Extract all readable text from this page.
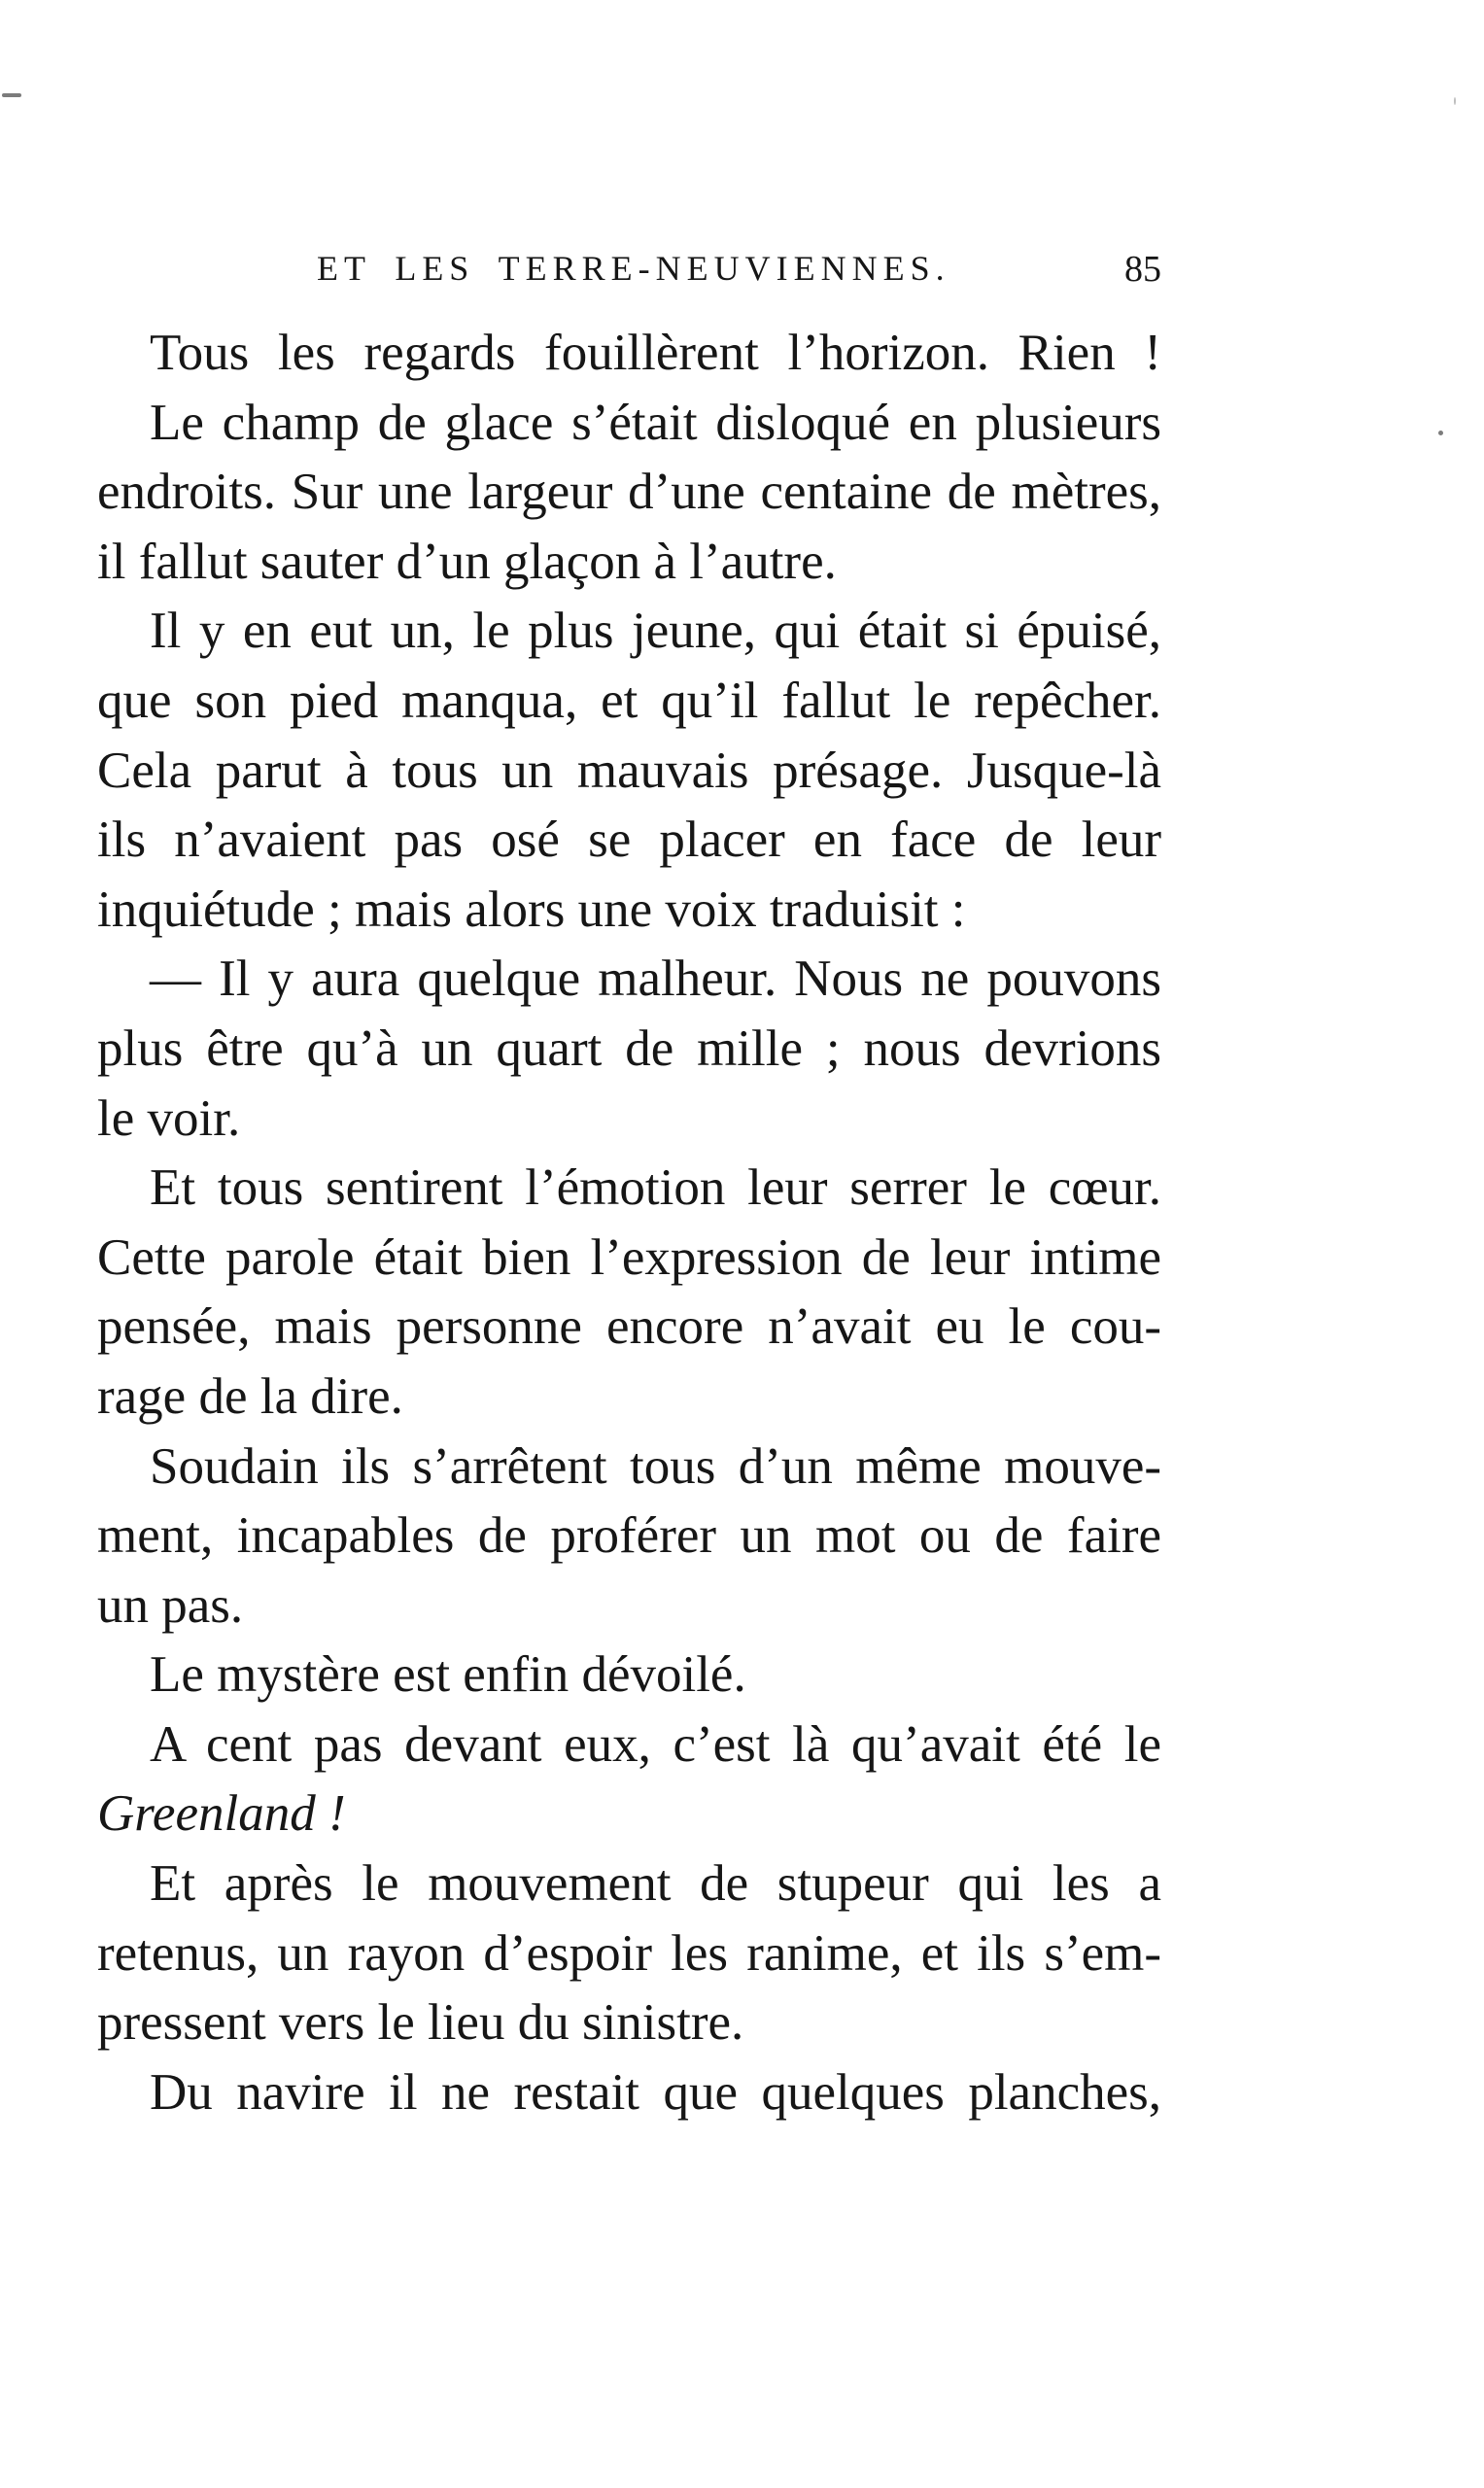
ET LES TERRE-NEUVIENNES.	85
Tous les regards fouillèrent l’horizon. Rien !
Le champ de glace s’était disloqué en plusieurs
endroits. Sur une largeur d’une centaine de mètres,
il fallut sauter d’un glaçon à l’autre.
Il y en eut un, le plus jeune, qui était si épuisé,
que son pied manqua, et qu’il fallut le repêcher.
Cela parut à tous un mauvais présage. Jusque-là
ils n’avaient pas osé se placer en face de leur
inquiétude ; mais alors une voix traduisit :
— Il y aura quelque malheur. Nous ne pouvons
plus être qu’à un quart de mille ; nous devrions
le voir.
Et tous sentirent l’émotion leur serrer le cœur.
Cette parole était bien l’expression de leur intime
pensée, mais personne encore n’avait eu le cou-
rage de la dire.
Soudain ils s’arrêtent tous d’un même mouve-
ment, incapables de proférer un mot ou de faire
un pas.
Le mystère est enfin dévoilé.
A cent pas devant eux, c’est là qu’avait été le
Greenland !
Et après le mouvement de stupeur qui les a
retenus, un rayon d’espoir les ranime, et ils s’em-
pressent vers le lieu du sinistre.
Du navire il ne restait que quelques planches,
